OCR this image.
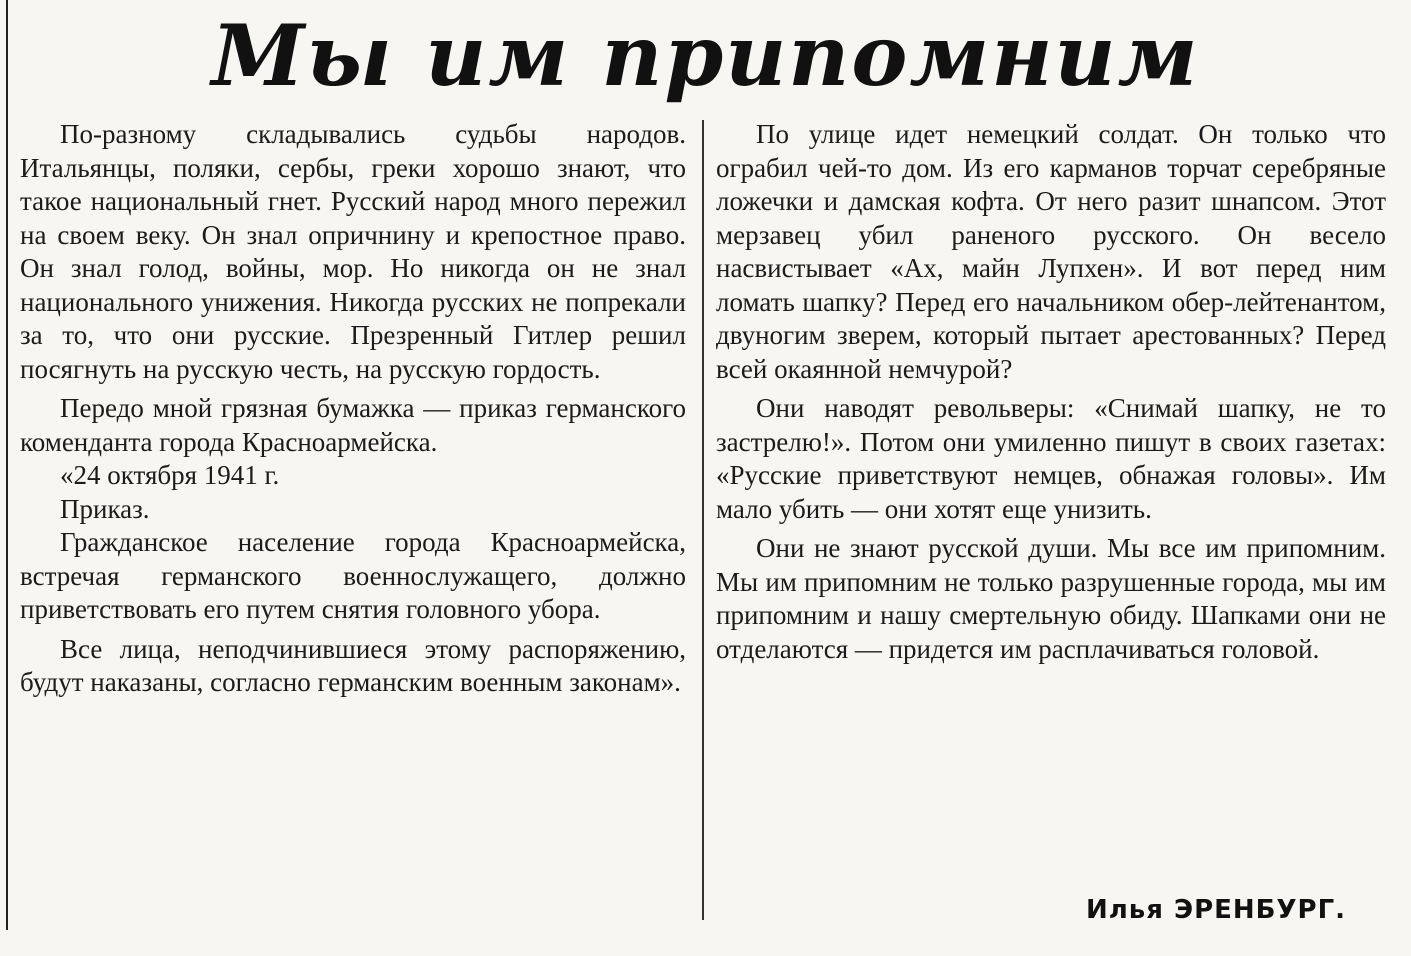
Мы им припомним

По-разному складывались судьбы народов. Итальянцы, поляки, сербы, греки хорошо знают, что такое национальный гнет. Русский народ много пережил на своем веку. Он знал опричнину и крепостное право. Он знал голод, войны, мор. Но никогда он не знал национального унижения. Никогда русских не попрекали за то, что они русские. Презренный Гитлер решил посягнуть на русскую честь, на русскую гордость.

Передо мной грязная бумажка — приказ германского коменданта города Красноармейска.

«24 октября 1941 г.

Приказ.

Гражданское население города Красноармейска, встречая германского военнослужащего, должно приветствовать его путем снятия головного убора.

Все лица, неподчинившиеся этому распоряжению, будут наказаны, согласно германским военным законам».

По улице идет немецкий солдат. Он только что ограбил чей-то дом. Из его карманов торчат серебряные ложечки и дамская кофта. От него разит шнапсом. Этот мерзавец убил раненого русского. Он весело насвистывает «Ах, майн Лупхен». И вот перед ним ломать шапку? Перед его начальником обер-лейтенантом, двуногим зверем, который пытает арестованных? Перед всей окаянной немчурой?

Они наводят револьверы: «Снимай шапку, не то застрелю!». Потом они умиленно пишут в своих газетах: «Русские приветствуют немцев, обнажая головы». Им мало убить — они хотят еще унизить.

Они не знают русской души. Мы все им припомним. Мы им припомним не только разрушенные города, мы им припомним и нашу смертельную обиду. Шапками они не отделаются — придется им расплачиваться головой.

Илья ЭРЕНБУРГ.
